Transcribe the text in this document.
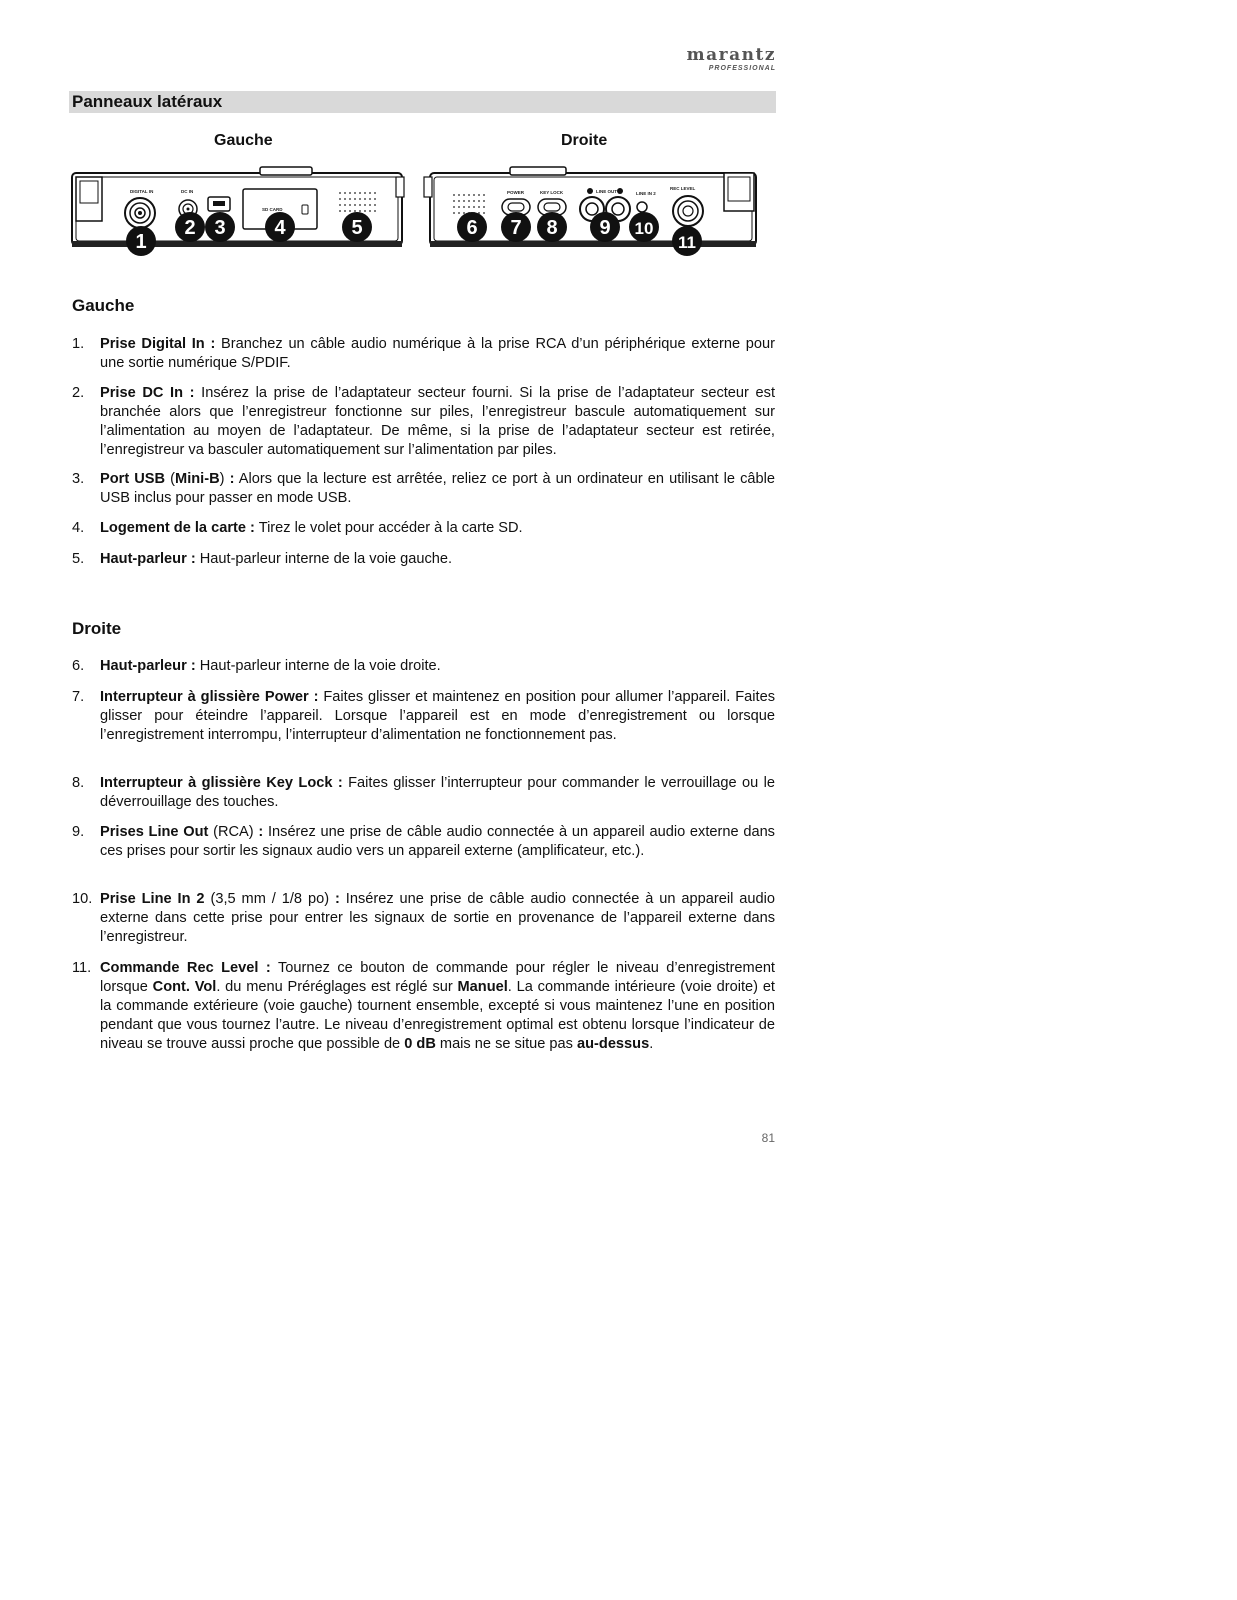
marantz
PROFESSIONAL
Panneaux latéraux
Gauche	Droite
DIGITAL IN	DC IN
SD CARD
POWER	KEY LOCK	LINE OUT	LINE IN 2
REC LEVEL
1
2 3 4	5	6 7 8 9 10
11
Gauche
1. Prise Digital In : Branchez un câble audio numérique à la prise RCA d’un périphérique externe pour une sortie numérique S/PDIF.
2. Prise DC In : Insérez la prise de l’adaptateur secteur fourni. Si la prise de l’adaptateur secteur est branchée alors que l’enregistreur fonctionne sur piles, l’enregistreur bascule automatiquement sur l’alimentation au moyen de l’adaptateur. De même, si la prise de l’adaptateur secteur est retirée, l’enregistreur va basculer automatiquement sur l’alimentation par piles.
3. Port USB (Mini-B) : Alors que la lecture est arrêtée, reliez ce port à un ordinateur en utilisant le câble USB inclus pour passer en mode USB.
4. Logement de la carte : Tirez le volet pour accéder à la carte SD.
5. Haut-parleur : Haut-parleur interne de la voie gauche.
Droite
6. Haut-parleur : Haut-parleur interne de la voie droite.
7. Interrupteur à glissière Power : Faites glisser et maintenez en position pour allumer l’appareil. Faites glisser pour éteindre l’appareil. Lorsque l’appareil est en mode d’enregistrement ou lorsque l’enregistrement interrompu, l’interrupteur d’alimentation ne fonctionnement pas.
8. Interrupteur à glissière Key Lock : Faites glisser l’interrupteur pour commander le verrouillage ou le déverrouillage des touches.
9. Prises Line Out (RCA) : Insérez une prise de câble audio connectée à un appareil audio externe dans ces prises pour sortir les signaux audio vers un appareil externe (amplificateur, etc.).
10. Prise Line In 2 (3,5 mm / 1/8 po) : Insérez une prise de câble audio connectée à un appareil audio externe dans cette prise pour entrer les signaux de sortie en provenance de l’appareil externe dans l’enregistreur.
11. Commande Rec Level : Tournez ce bouton de commande pour régler le niveau d’enregistrement lorsque Cont. Vol. du menu Préréglages est réglé sur Manuel. La commande intérieure (voie droite) et la commande extérieure (voie gauche) tournent ensemble, excepté si vous maintenez l’une en position pendant que vous tournez l’autre. Le niveau d’enregistrement optimal est obtenu lorsque l’indicateur de niveau se trouve aussi proche que possible de 0 dB mais ne se situe pas au-dessus.
81
